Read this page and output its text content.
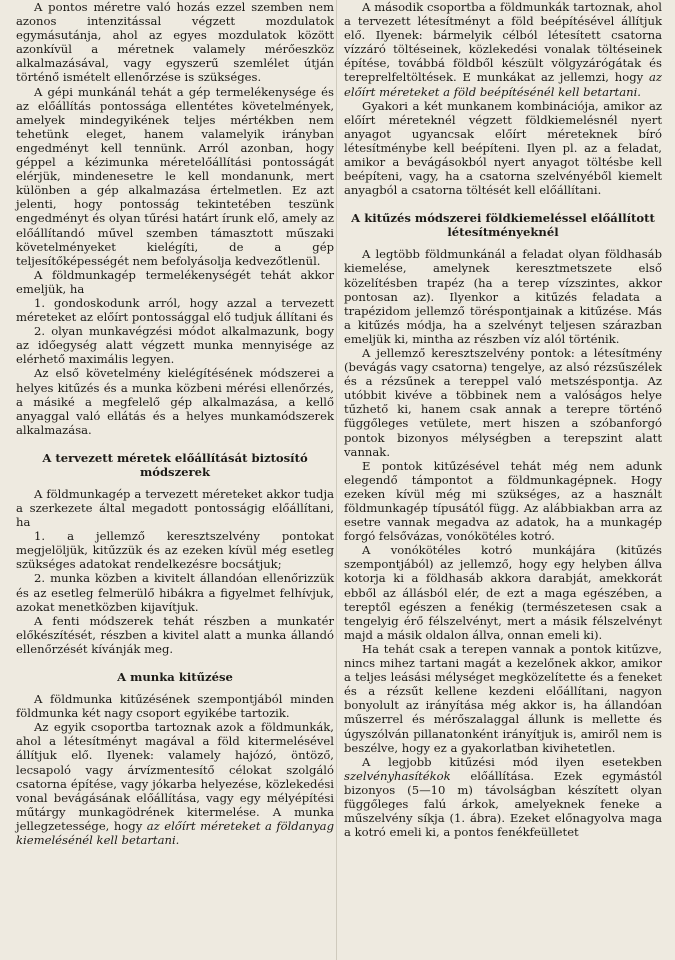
A pontos méretre való hozás ezzel szemben nem azonos intenzitással végzett mozdulatok egymásutánja, ahol az egyes mozdulatok között azonkívül a méretnek valamely mérőeszköz alkalmazásával, vagy egyszerű szemlélet útján történő ismételt ellenőrzése is szükséges.

A gépi munkánál tehát a gép termelékenysége és az előállítás pontossága ellentétes követelmények, amelyek mindegyikének teljes mértékben nem tehetünk eleget, hanem valamelyik irányban engedményt kell tennünk. Arról azonban, hogy géppel a kézimunka méretelőállítási pontosságát elérjük, mindenesetre le kell mondanunk, mert különben a gép alkalmazása értelmetlen. Ez azt jelenti, hogy pontosság tekintetében teszünk engedményt és olyan tűrési határt írunk elő, amely az előállítandó művel szemben támasztott műszaki követelményeket kielégíti, de a gép teljesítőképességét nem befolyásolja kedvezőtlenül.

A földmunkagép termelékenységét tehát akkor emeljük, ha

1. gondoskodunk arról, hogy azzal a tervezett méreteket az előírt pontossággal elő tudjuk állítani és

2. olyan munkavégzési módot alkalmazunk, bogy az időegység alatt végzett munka mennyisége az elérhető maximális legyen.

Az első követelmény kielégítésének módszerei a helyes kitűzés és a munka közbeni mérési ellenőrzés, a másiké a megfelelő gép alkalmazása, a kellő anyaggal való ellátás és a helyes munkamódszerek alkalmazása.

A tervezett méretek előállítását biztosító módszerek

A földmunkagép a tervezett méreteket akkor tudja a szerkezete által megadott pontosságig előállítani, ha

1. a jellemző keresztszelvény pontokat megjelöljük, kitűzzük és az ezeken kívül még esetleg szükséges adatokat rendelkezésre bocsátjuk;

2. munka közben a kivitelt állandóan ellenőrizzük és az esetleg felmerülő hibákra a figyelmet felhívjuk, azokat menetközben kijavítjuk.

A fenti módszerek tehát részben a munkatér előkészítését, részben a kivitel alatt a munka állandó ellenőrzését kívánják meg.

A munka kitűzése

A földmunka kitűzésének szempontjából minden földmunka két nagy csoport egyikébe tartozik.

Az egyik csoportba tartoznak azok a földmunkák, ahol a létesítményt magával a föld kitermelésével állítjuk elő. Ilyenek: valamely hajózó, öntöző, lecsapoló vagy árvízmentesítő célokat szolgáló csatorna építése, vagy jókarba helyezése, közlekedési vonal bevágásának előállítása, vagy egy mélyépítési műtárgy munkagödrének kitermelése. A munka jellegzetessége, hogy az előírt méreteket a földanyag kiemelésénél kell betartani.

A második csoportba a földmunkák tartoznak, ahol a tervezett létesítményt a föld beépítésével állítjuk elő. Ilyenek: bármelyik célból létesített csatorna vízzáró töltéseinek, közlekedési vonalak töltéseinek építése, továbbá földből készült völgyzárógátak és tereprelfeltöltések. E munkákat az jellemzi, hogy az előírt méreteket a föld beépítésénél kell betartani.

Gyakori a két munkanem kombinációja, amikor az előírt méreteknél végzett földkiemelésnél nyert anyagot ugyancsak előírt méreteknek bíró létesítménybe kell beépíteni. Ilyen pl. az a feladat, amikor a bevágásokból nyert anyagot töltésbe kell beépíteni, vagy, ha a csatorna szelvényéből kiemelt anyagból a csatorna töltését kell előállítani.

A kitűzés módszerei földkiemeléssel előállított létesítményeknél

A legtöbb földmunkánál a feladat olyan földhasáb kiemelése, amelynek keresztmetszete első közelítésben trapéz (ha a terep vízszintes, akkor pontosan az). Ilyenkor a kitűzés feladata a trapézidom jellemző töréspontjainak a kitűzése. Más a kitűzés módja, ha a szelvényt teljesen szárazban emeljük ki, mintha az részben víz alól történik.

A jellemző keresztszelvény pontok: a létesítmény (bevágás vagy csatorna) tengelye, az alsó rézsűszélek és a rézsűnek a tereppel való metszéspontja. Az utóbbit kivéve a többinek nem a valóságos helye tűzhető ki, hanem csak annak a terepre történő függőleges vetülete, mert hiszen a szóbanforgó pontok bizonyos mélységben a terepszint alatt vannak.

E pontok kitűzésével tehát még nem adunk elegendő támpontot a földmunkagépnek. Hogy ezeken kívül még mi szükséges, az a használt földmunkagép típusától függ. Az alábbiakban arra az esetre vannak megadva az adatok, ha a munkagép forgó felsővázas, vonókötéles kotró.

A vonókötéles kotró munkájára (kitűzés szempontjából) az jellemző, hogy egy helyben állva kotorja ki a földhasáb akkora darabját, amekkorát ebből az állásból elér, de ezt a maga egészében, a tereptől egészen a fenékig (természetesen csak a tengelyig érő félszelvényt, mert a másik félszelvényt majd a másik oldalon állva, onnan emeli ki).

Ha tehát csak a terepen vannak a pontok kitűzve, nincs mihez tartani magát a kezelőnek akkor, amikor a teljes leásási mélységet megközelítette és a feneket és a rézsűt kellene kezdeni előállítani, nagyon bonyolult az irányítása még akkor is, ha állandóan műszerrel és mérőszalaggal állunk is mellette és úgyszólván pillanatonként irányítjuk is, amiről nem is beszélve, hogy ez a gyakorlatban kivihetetlen.

A legjobb kitűzési mód ilyen esetekben szelvényhasítékok előállítása. Ezek egymástól bizonyos (5—10 m) távolságban készített olyan függőleges falú árkok, amelyeknek feneke a műszelvény síkja (1. ábra). Ezeket előnagyolva maga a kotró emeli ki, a pontos fenékfeülletet
